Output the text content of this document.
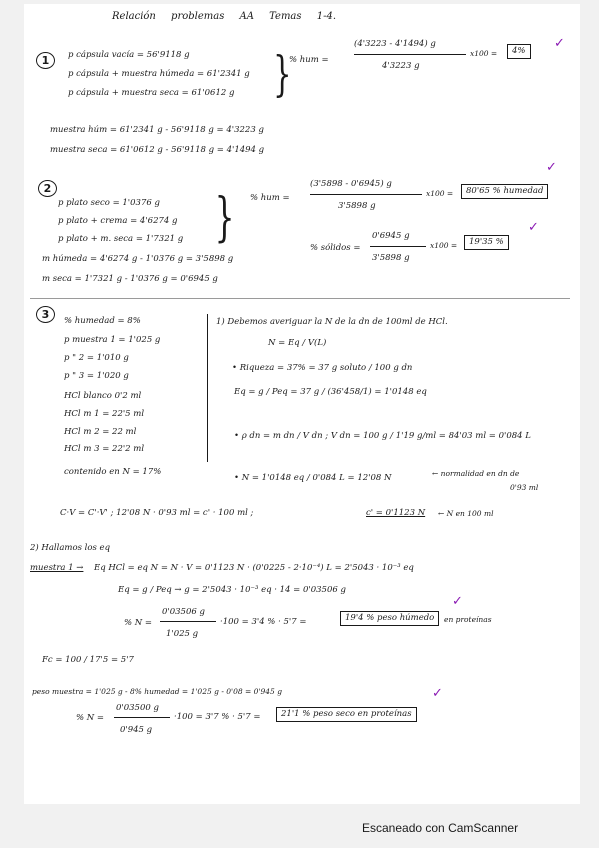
Relación problemas AA Temas 1-4.
1	p cápsula vacía = 56'9118 g
p cápsula + muestra húmeda = 61'2341 g
p cápsula + muestra seca = 61'0612 g }
% hum =
(4'3223 - 4'1494) g
4'3223 g
x100 =	4%	✓
muestra húm = 61'2341 g - 56'9118 g = 4'3223 g
muestra seca = 61'0612 g - 56'9118 g = 4'1494 g
2
p plato seco = 1'0376 g
p plato + crema = 4'6274 g
p plato + m. seca = 1'7321 g }
m húmeda = 4'6274 g - 1'0376 g = 3'5898 g
m seca = 1'7321 g - 1'0376 g = 0'6945 g
% hum =
(3'5898 - 0'6945) g
3'5898 g
x100 =	80'65 % humedad
✓
% sólidos =
0'6945 g
3'5898 g
x100 =	19'35 %
✓
3	% humedad = 8%
p muestra 1 = 1'025 g
p " 2 = 1'010 g
p " 3 = 1'020 g
HCl blanco 0'2 ml
HCl m 1 = 22'5 ml
HCl m 2 = 22 ml
HCl m 3 = 22'2 ml
contenido en N = 17%
1) Debemos averiguar la N de la dn de 100ml de HCl.
N = Eq / V(L)
• Riqueza = 37% = 37 g soluto / 100 g dn
Eq = g / Peq = 37 g / (36'458/1) = 1'0148 eq
• ρ dn = m dn / V dn ; V dn = 100 g / 1'19 g/ml = 84'03 ml = 0'084 L
• N = 1'0148 eq / 0'084 L = 12'08 N	← normalidad en dn de
0'93 ml
C·V = C'·V' ; 12'08 N · 0'93 ml = c' · 100 ml ;	c' = 0'1123 N ← N en 100 ml
2) Hallamos los eq
muestra 1 → Eq HCl = eq N = N · V = 0'1123 N · (0'0225 - 2·10⁻⁴) L = 2'5043 · 10⁻³ eq
Eq = g / Peq → g = 2'5043 · 10⁻³ eq · 14 = 0'03506 g
% N =
0'03506 g
1'025 g
·100 = 3'4 % · 5'7 =	19'4 % peso húmedo	en proteínas
✓
Fc = 100 / 17'5 = 5'7
peso muestra = 1'025 g - 8% humedad = 1'025 g - 0'08 = 0'945 g
% N =
0'03500 g
0'945 g
·100 = 3'7 % · 5'7 =	21'1 % peso seco en proteínas
✓
Escaneado con CamScanner
